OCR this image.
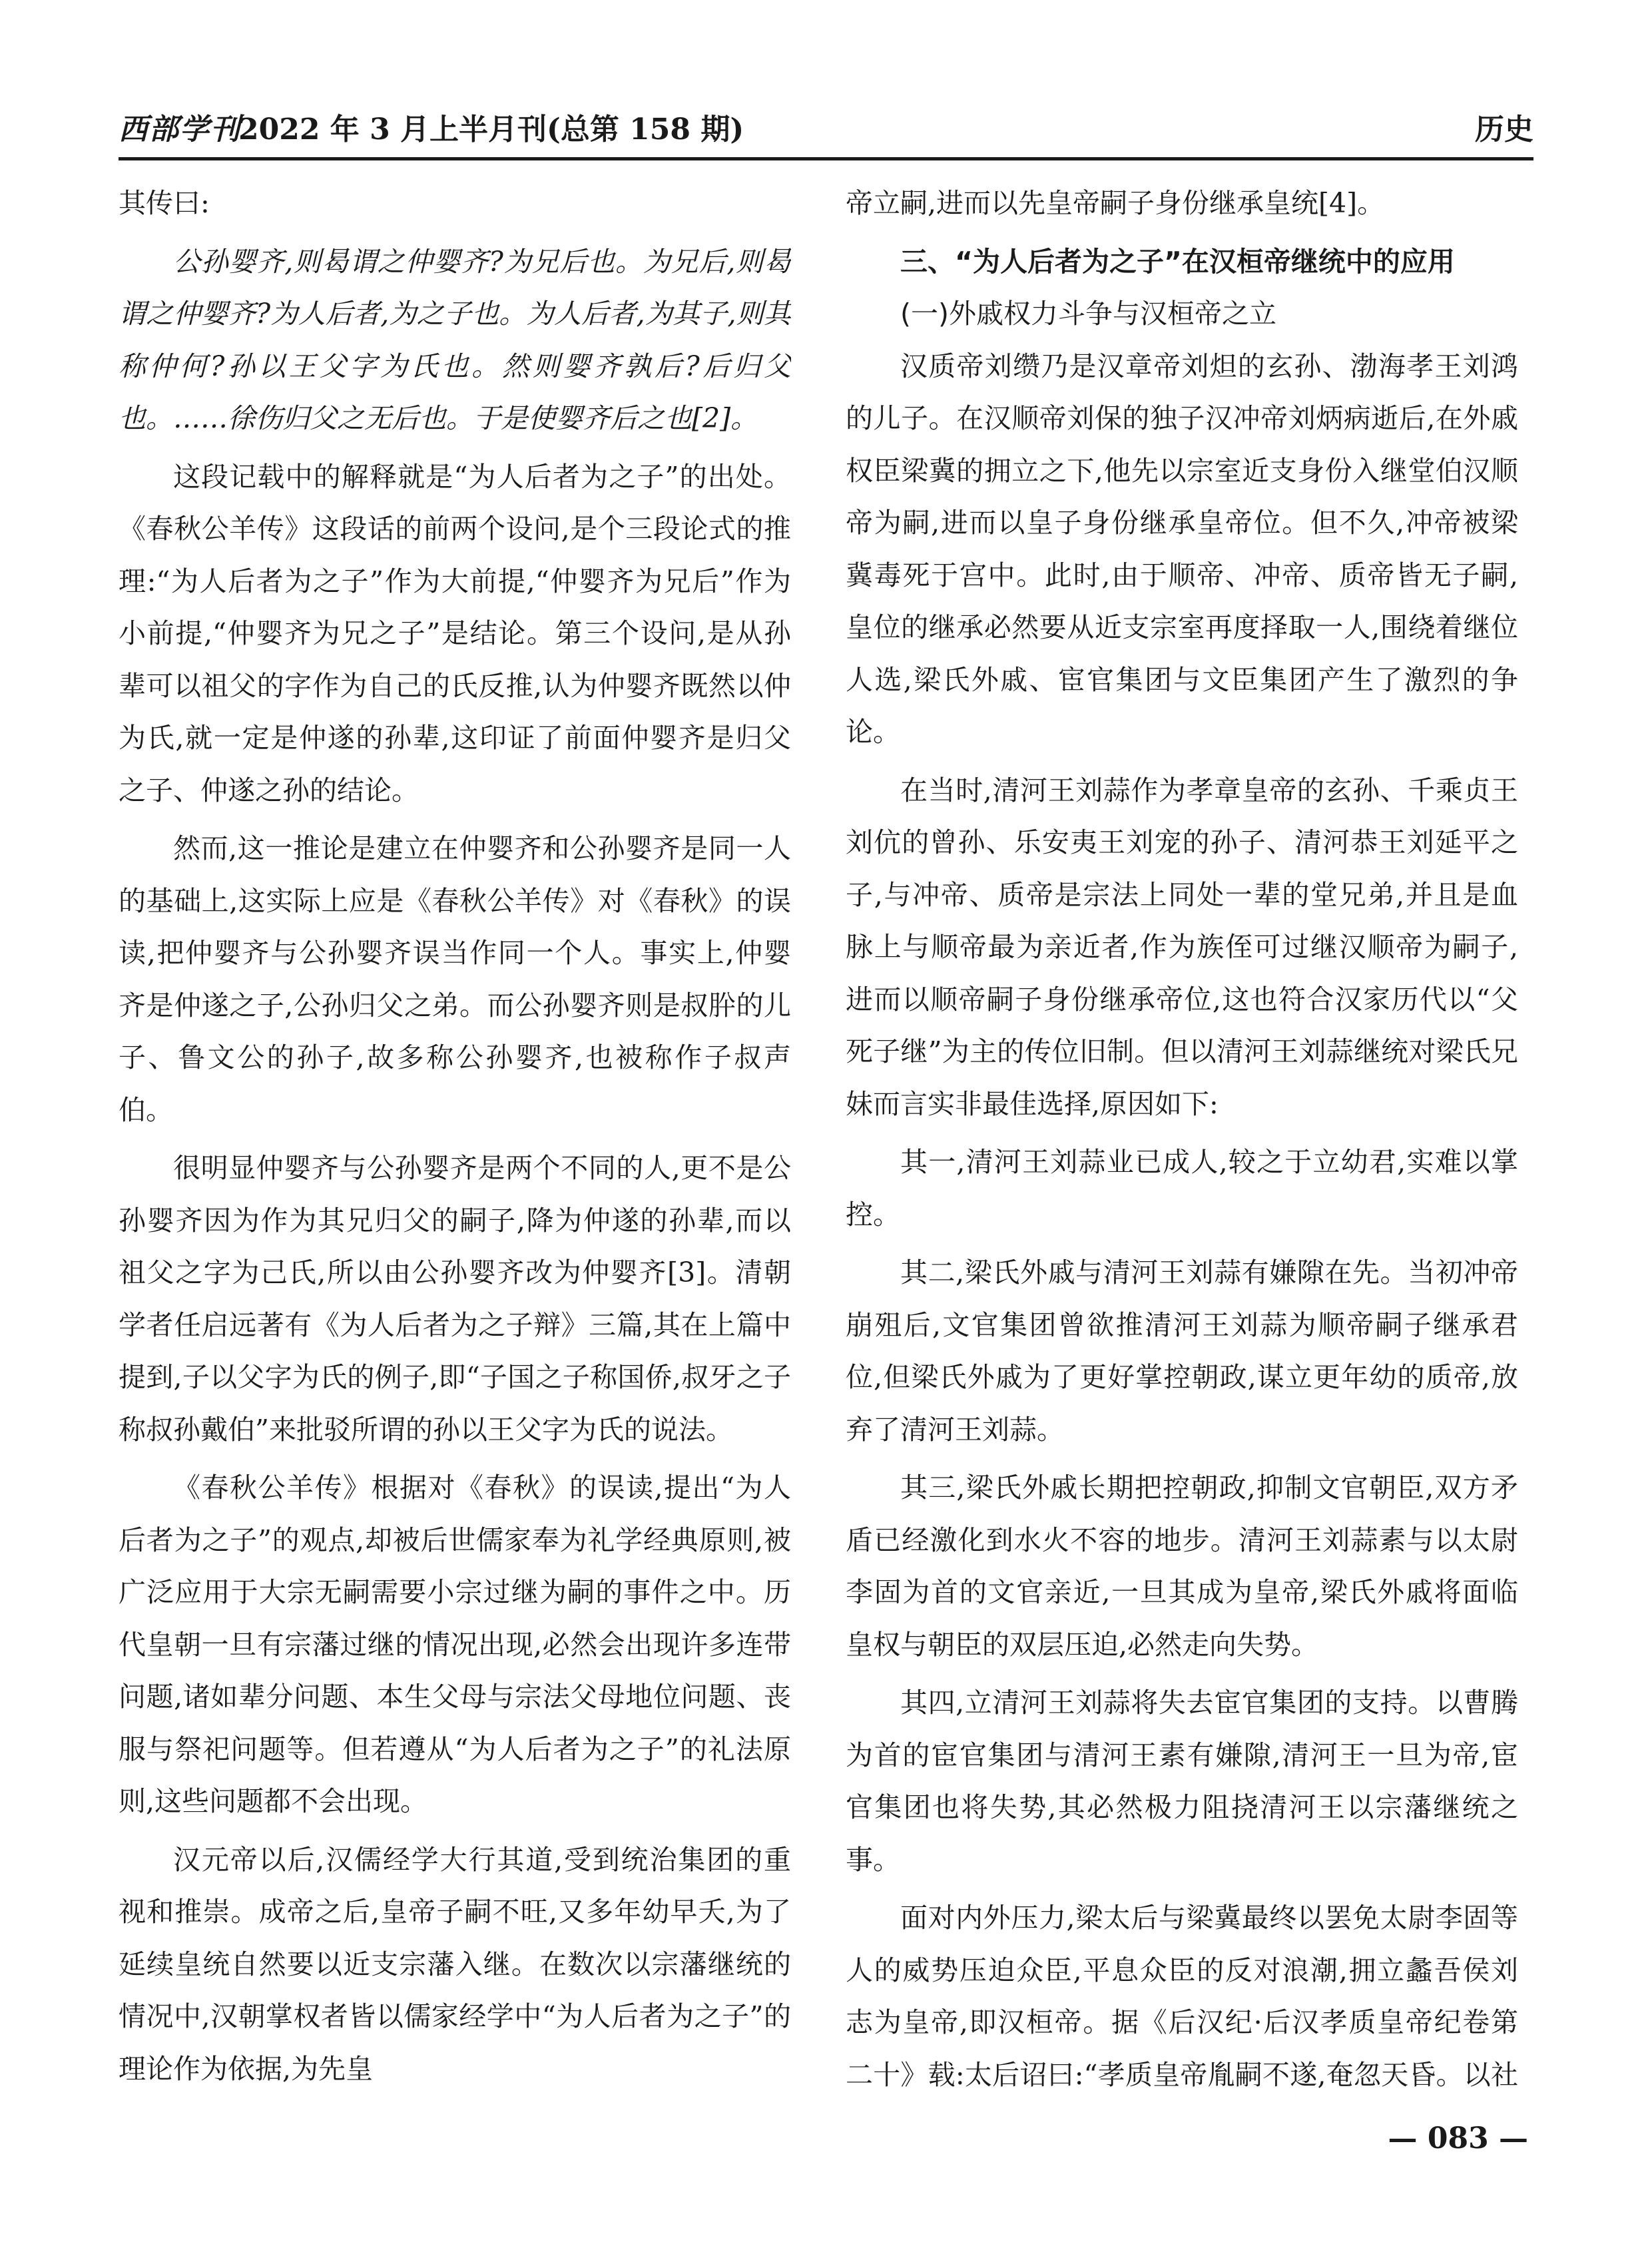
西部学刊
2022 年 3 月上半月刊(总第 158 期)	历史

其传曰:

公孙婴齐,则曷谓之仲婴齐?为兄后也。为兄后,则曷谓之仲婴齐?为人后者,为之子也。为人后者,为其子,则其称仲何?孙以王父字为氏也。然则婴齐孰后?后归父也。……徐伤归父之无后也。于是使婴齐后之也[2]。

这段记载中的解释就是“为人后者为之子”的出处。《春秋公羊传》这段话的前两个设问,是个三段论式的推理:“为人后者为之子”作为大前提,“仲婴齐为兄后”作为小前提,“仲婴齐为兄之子”是结论。第三个设问,是从孙辈可以祖父的字作为自己的氏反推,认为仲婴齐既然以仲为氏,就一定是仲遂的孙辈,这印证了前面仲婴齐是归父之子、仲遂之孙的结论。

然而,这一推论是建立在仲婴齐和公孙婴齐是同一人的基础上,这实际上应是《春秋公羊传》对《春秋》的误读,把仲婴齐与公孙婴齐误当作同一个人。事实上,仲婴齐是仲遂之子,公孙归父之弟。而公孙婴齐则是叔肸的儿子、鲁文公的孙子,故多称公孙婴齐,也被称作子叔声伯。

很明显仲婴齐与公孙婴齐是两个不同的人,更不是公孙婴齐因为作为其兄归父的嗣子,降为仲遂的孙辈,而以祖父之字为己氏,所以由公孙婴齐改为仲婴齐[3]。清朝学者任启远著有《为人后者为之子辩》三篇,其在上篇中提到,子以父字为氏的例子,即“子国之子称国侨,叔牙之子称叔孙戴伯”来批驳所谓的孙以王父字为氏的说法。

《春秋公羊传》根据对《春秋》的误读,提出“为人后者为之子”的观点,却被后世儒家奉为礼学经典原则,被广泛应用于大宗无嗣需要小宗过继为嗣的事件之中。历代皇朝一旦有宗藩过继的情况出现,必然会出现许多连带问题,诸如辈分问题、本生父母与宗法父母地位问题、丧服与祭祀问题等。但若遵从“为人后者为之子”的礼法原则,这些问题都不会出现。

汉元帝以后,汉儒经学大行其道,受到统治集团的重视和推崇。成帝之后,皇帝子嗣不旺,又多年幼早夭,为了延续皇统自然要以近支宗藩入继。在数次以宗藩继统的情况中,汉朝掌权者皆以儒家经学中“为人后者为之子”的理论作为依据,为先皇

帝立嗣,进而以先皇帝嗣子身份继承皇统[4]。

三、“为人后者为之子”在汉桓帝继统中的应用
(一)外戚权力斗争与汉桓帝之立

汉质帝刘缵乃是汉章帝刘炟的玄孙、渤海孝王刘鸿的儿子。在汉顺帝刘保的独子汉冲帝刘炳病逝后,在外戚权臣梁冀的拥立之下,他先以宗室近支身份入继堂伯汉顺帝为嗣,进而以皇子身份继承皇帝位。但不久,冲帝被梁冀毒死于宫中。此时,由于顺帝、冲帝、质帝皆无子嗣,皇位的继承必然要从近支宗室再度择取一人,围绕着继位人选,梁氏外戚、宦官集团与文臣集团产生了激烈的争论。

在当时,清河王刘蒜作为孝章皇帝的玄孙、千乘贞王刘伉的曾孙、乐安夷王刘宠的孙子、清河恭王刘延平之子,与冲帝、质帝是宗法上同处一辈的堂兄弟,并且是血脉上与顺帝最为亲近者,作为族侄可过继汉顺帝为嗣子,进而以顺帝嗣子身份继承帝位,这也符合汉家历代以“父死子继”为主的传位旧制。但以清河王刘蒜继统对梁氏兄妹而言实非最佳选择,原因如下:

其一,清河王刘蒜业已成人,较之于立幼君,实难以掌控。

其二,梁氏外戚与清河王刘蒜有嫌隙在先。当初冲帝崩殂后,文官集团曾欲推清河王刘蒜为顺帝嗣子继承君位,但梁氏外戚为了更好掌控朝政,谋立更年幼的质帝,放弃了清河王刘蒜。

其三,梁氏外戚长期把控朝政,抑制文官朝臣,双方矛盾已经激化到水火不容的地步。清河王刘蒜素与以太尉李固为首的文官亲近,一旦其成为皇帝,梁氏外戚将面临皇权与朝臣的双层压迫,必然走向失势。

其四,立清河王刘蒜将失去宦官集团的支持。以曹腾为首的宦官集团与清河王素有嫌隙,清河王一旦为帝,宦官集团也将失势,其必然极力阻挠清河王以宗藩继统之事。

面对内外压力,梁太后与梁冀最终以罢免太尉李固等人的威势压迫众臣,平息众臣的反对浪潮,拥立蠡吾侯刘志为皇帝,即汉桓帝。据《后汉纪·后汉孝质皇帝纪卷第二十》载:太后诏曰:“孝质皇帝胤嗣不遂,奄忽天昏。以社

— 083 —
